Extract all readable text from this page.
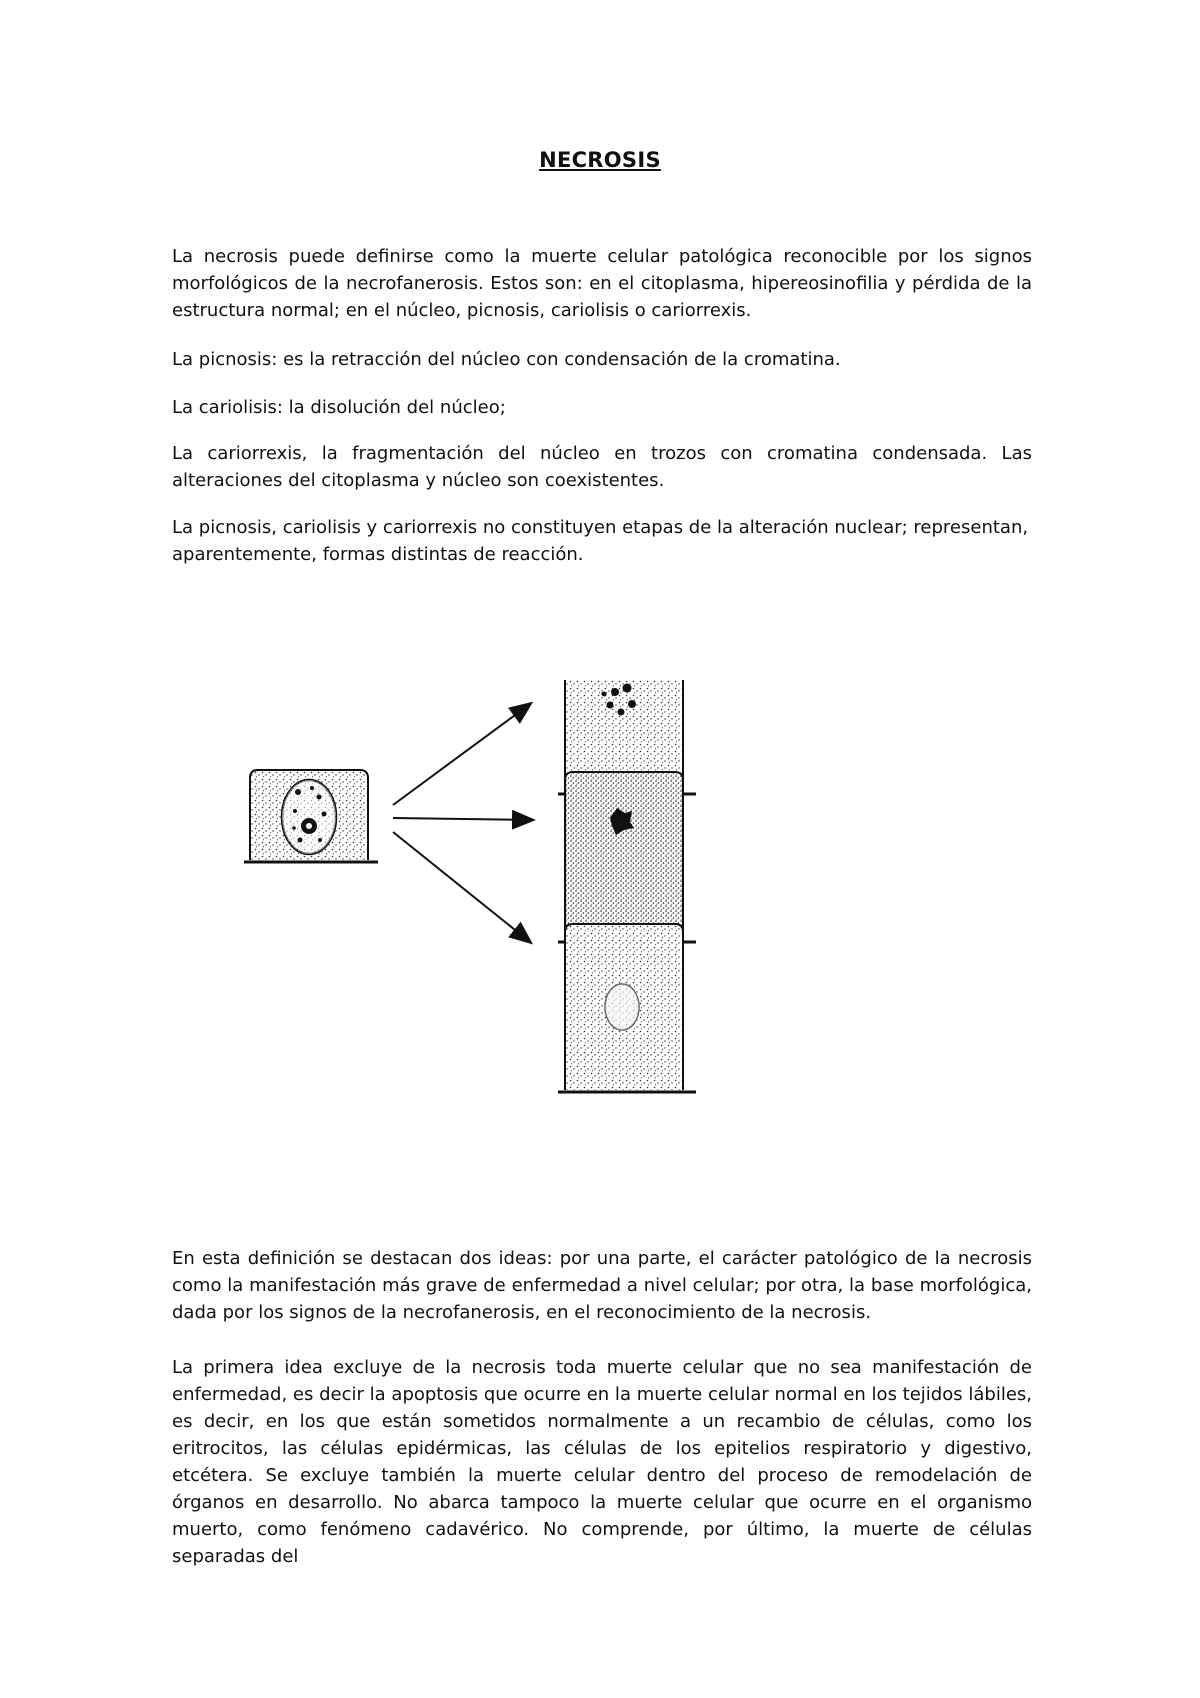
NECROSIS

La necrosis puede definirse como la muerte celular patológica reconocible por los signos morfológicos de la necrofanerosis. Estos son: en el citoplasma, hipereosinofilia y pérdida de la estructura normal; en el núcleo, picnosis, cariolisis o cariorrexis.

La picnosis: es la retracción del núcleo con condensación de la cromatina.

La cariolisis: la disolución del núcleo;

La cariorrexis, la fragmentación del núcleo en trozos con cromatina condensada. Las alteraciones del citoplasma y núcleo son coexistentes.

La picnosis, cariolisis y cariorrexis no constituyen etapas de la alteración nuclear; representan, aparentemente, formas distintas de reacción.

En esta definición se destacan dos ideas: por una parte, el carácter patológico de la necrosis como la manifestación más grave de enfermedad a nivel celular; por otra, la base morfológica, dada por los signos de la necrofanerosis, en el reconocimiento de la necrosis.

La primera idea excluye de la necrosis toda muerte celular que no sea manifestación de enfermedad, es decir la apoptosis que ocurre en la muerte celular normal en los tejidos lábiles, es decir, en los que están sometidos normalmente a un recambio de células, como los eritrocitos, las células epidérmicas, las células de los epitelios respiratorio y digestivo, etcétera. Se excluye también la muerte celular dentro del proceso de remodelación de órganos en desarrollo. No abarca tampoco la muerte celular que ocurre en el organismo muerto, como fenómeno cadavérico. No comprende, por último, la muerte de células separadas del
